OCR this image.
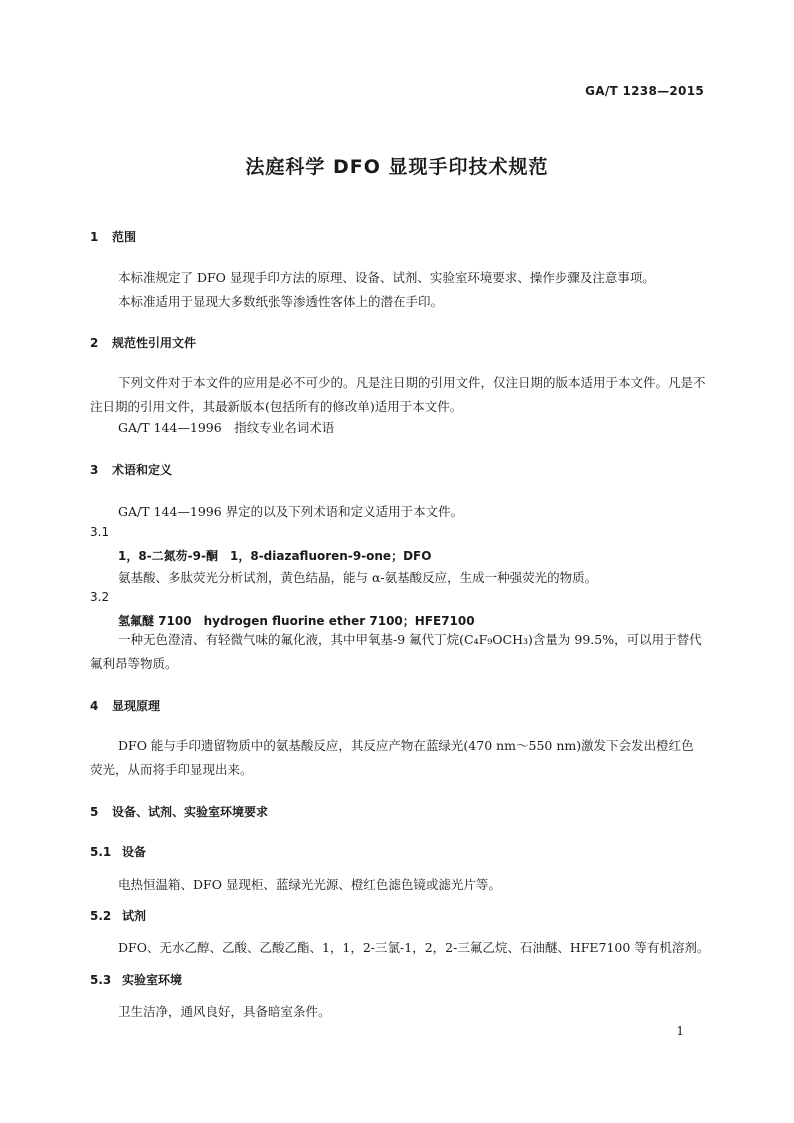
GA/T 1238—2015
法庭科学 DFO 显现手印技术规范
1 范围
本标准规定了 DFO 显现手印方法的原理、设备、试剂、实验室环境要求、操作步骤及注意事项。
本标准适用于显现大多数纸张等渗透性客体上的潜在手印。
2 规范性引用文件
下列文件对于本文件的应用是必不可少的。凡是注日期的引用文件，仅注日期的版本适用于本文件。凡是不注日期的引用文件，其最新版本(包括所有的修改单)适用于本文件。
GA/T 144—1996　指纹专业名词术语
3 术语和定义
GA/T 144—1996 界定的以及下列术语和定义适用于本文件。
3.1
1，8-二氮芴-9-酮　1，8-diazafluoren-9-one；DFO
氨基酸、多肽荧光分析试剂，黄色结晶，能与 α-氨基酸反应，生成一种强荧光的物质。
3.2
氢氟醚 7100　hydrogen fluorine ether 7100；HFE7100
一种无色澄清、有轻微气味的氟化液，其中甲氧基-9 氟代丁烷(C₄F₉OCH₃)含量为 99.5%，可以用于替代氟利昂等物质。
4 显现原理
DFO 能与手印遗留物质中的氨基酸反应，其反应产物在蓝绿光(470 nm～550 nm)激发下会发出橙红色荧光，从而将手印显现出来。
5 设备、试剂、实验室环境要求
5.1 设备
电热恒温箱、DFO 显现柜、蓝绿光光源、橙红色滤色镜或滤光片等。
5.2 试剂
DFO、无水乙醇、乙酸、乙酸乙酯、1，1，2-三氯-1，2，2-三氟乙烷、石油醚、HFE7100 等有机溶剂。
5.3 实验室环境
卫生洁净，通风良好，具备暗室条件。
1
